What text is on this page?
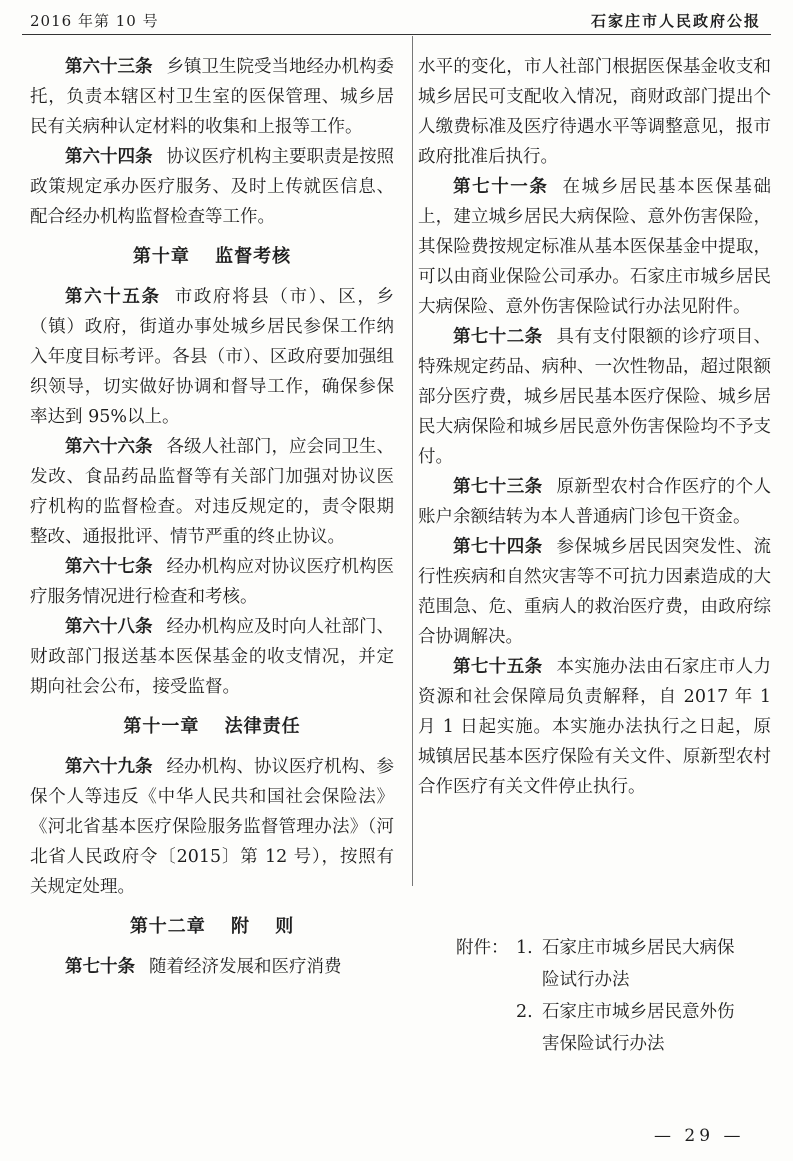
2016 年第 10 号	石家庄市人民政府公报

第六十三条 乡镇卫生院受当地经办机构委托，负责本辖区村卫生室的医保管理、城乡居民有关病种认定材料的收集和上报等工作。

第六十四条 协议医疗机构主要职责是按照政策规定承办医疗服务、及时上传就医信息、配合经办机构监督检查等工作。

第十章 监督考核

第六十五条 市政府将县（市）、区，乡（镇）政府，街道办事处城乡居民参保工作纳入年度目标考评。各县（市）、区政府要加强组织领导，切实做好协调和督导工作，确保参保率达到 95%以上。

第六十六条 各级人社部门，应会同卫生、发改、食品药品监督等有关部门加强对协议医疗机构的监督检查。对违反规定的，责令限期整改、通报批评、情节严重的终止协议。

第六十七条 经办机构应对协议医疗机构医疗服务情况进行检查和考核。

第六十八条 经办机构应及时向人社部门、财政部门报送基本医保基金的收支情况，并定期向社会公布，接受监督。

第十一章 法律责任

第六十九条 经办机构、协议医疗机构、参保个人等违反《中华人民共和国社会保险法》《河北省基本医疗保险服务监督管理办法》（河北省人民政府令〔2015〕第 12 号），按照有关规定处理。

第十二章 附 则

第七十条 随着经济发展和医疗消费

水平的变化，市人社部门根据医保基金收支和城乡居民可支配收入情况，商财政部门提出个人缴费标准及医疗待遇水平等调整意见，报市政府批准后执行。

第七十一条 在城乡居民基本医保基础上，建立城乡居民大病保险、意外伤害保险，其保险费按规定标准从基本医保基金中提取，可以由商业保险公司承办。石家庄市城乡居民大病保险、意外伤害保险试行办法见附件。

第七十二条 具有支付限额的诊疗项目、特殊规定药品、病种、一次性物品，超过限额部分医疗费，城乡居民基本医疗保险、城乡居民大病保险和城乡居民意外伤害保险均不予支付。

第七十三条 原新型农村合作医疗的个人账户余额结转为本人普通病门诊包干资金。

第七十四条 参保城乡居民因突发性、流行性疾病和自然灾害等不可抗力因素造成的大范围急、危、重病人的救治医疗费，由政府综合协调解决。

第七十五条 本实施办法由石家庄市人力资源和社会保障局负责解释，自 2017 年 1 月 1 日起实施。本实施办法执行之日起，原城镇居民基本医疗保险有关文件、原新型农村合作医疗有关文件停止执行。

附件： 1. 石家庄市城乡居民大病保
险试行办法
2. 石家庄市城乡居民意外伤
害保险试行办法
— 29 —
